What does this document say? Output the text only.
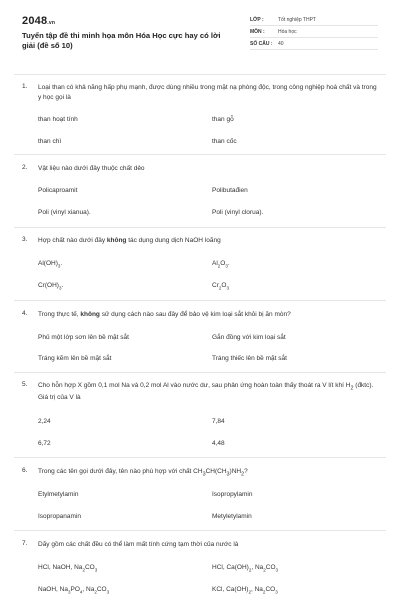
2048.vn
Tuyển tập đề thi minh họa môn Hóa Học cực hay có lời giải (đề số 10)
LỚP :	Tốt nghiệp THPT
MÔN :	Hóa học
SỐ CÂU :	40
1. Loại than có khả năng hấp phụ mạnh, được dùng nhiều trong mặt nạ phòng độc, trong công nghiệp hoá chất và trong y học gọi là
than hoạt tính	than gỗ
than chì	than cốc
2. Vật liệu nào dưới đây thuộc chất dẻo
Policaproamit	Polibutađien
Poli (vinyl xianua).	Poli (vinyl clorua).
3. Hợp chất nào dưới đây không tác dụng dung dịch NaOH loãng
$Al(OH)_3$.	$Al_2O_3$.
$Cr(OH)_3$.	$Cr_2O_3$
4. Trong thực tế, không sử dụng cách nào sau đây để bảo vệ kim loại sắt khỏi bị ăn mòn?
Phủ một lớp sơn lên bề mặt sắt	Gắn đồng với kim loại sắt
Tráng kẽm lên bề mặt sắt	Tráng thiếc lên bề mặt sắt
5. Cho hỗn hợp X gồm 0,1 mol Na và 0,2 mol Al vào nước dư, sau phản ứng hoàn toàn thấy thoát ra V lít khí $H_2$ (đktc). Giá trị của V là
2,24	7,84
6,72	4,48
6. Trong các tên gọi dưới đây, tên nào phù hợp với chất $CH_3CH(CH_3)NH_2$?
Etylmetylamin	Isopropylamin
Isopropanamin	Metyletylamin
7. Dãy gồm các chất đều có thể làm mất tính cứng tạm thời của nước là
HCl, NaOH, $Na_2CO_3$	HCl, $Ca(OH)_2$, $Na_2CO_3$
NaOH, $Na_3PO_4$, $Na_2CO_3$	KCl, $Ca(OH)_2$, $Na_2CO_3$
